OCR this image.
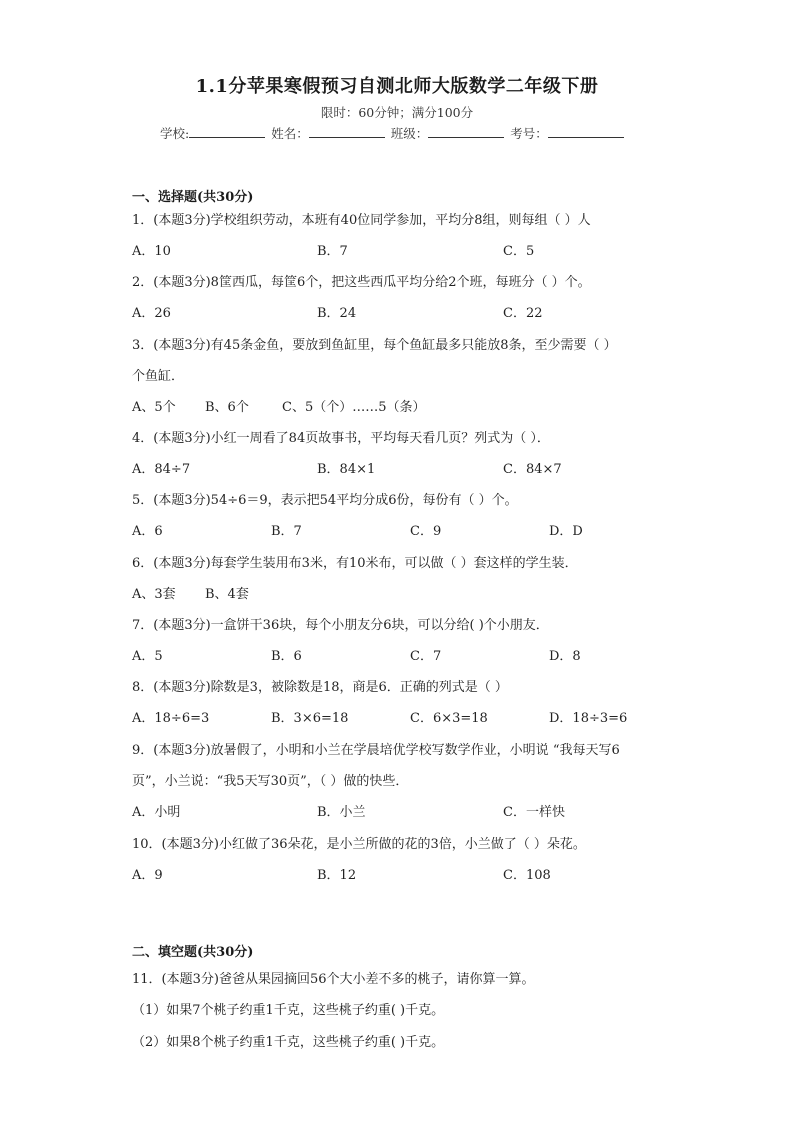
1.1分苹果寒假预习自测北师大版数学二年级下册
限时：60分钟；满分100分
学校:	姓名：	班级：	考号：
一、选择题(共30分)
1．(本题3分)学校组织劳动，本班有40位同学参加，平均分8组，则每组（ ）人
A．10	B．7	C．5
2．(本题3分)8筐西瓜，每筐6个，把这些西瓜平均分给2个班，每班分（ ）个。
A．26	B．24	C．22
3．(本题3分)有45条金鱼，要放到鱼缸里，每个鱼缸最多只能放8条，至少需要（ ）
个鱼缸．
A、5个 B、6个	C、5（个）……5（条）
4．(本题3分)小红一周看了84页故事书，平均每天看几页？列式为（ ）．
A．84÷7	B．84×1	C．84×7
5．(本题3分)54÷6＝9，表示把54平均分成6份，每份有（ ）个。
A．6	B．7	C．9	D．D
6．(本题3分)每套学生装用布3米，有10米布，可以做（ ）套这样的学生装．
A、3套 B、4套
7．(本题3分)一盒饼干36块，每个小朋友分6块，可以分给( )个小朋友．
A．5	B．6	C．7	D．8
8．(本题3分)除数是3，被除数是18，商是6．正确的列式是（ ）
A．18÷6=3	B．3×6=18	C．6×3=18	D．18÷3=6
9．(本题3分)放暑假了，小明和小兰在学晨培优学校写数学作业，小明说 “我每天写6
页”，小兰说：“我5天写30页”，（ ）做的快些．
A．小明	B．小兰	C．一样快
10．(本题3分)小红做了36朵花，是小兰所做的花的3倍，小兰做了（ ）朵花。
A．9	B．12	C．108
二、填空题(共30分)
11．(本题3分)爸爸从果园摘回56个大小差不多的桃子，请你算一算。
（1）如果7个桃子约重1千克，这些桃子约重( )千克。
（2）如果8个桃子约重1千克，这些桃子约重( )千克。
